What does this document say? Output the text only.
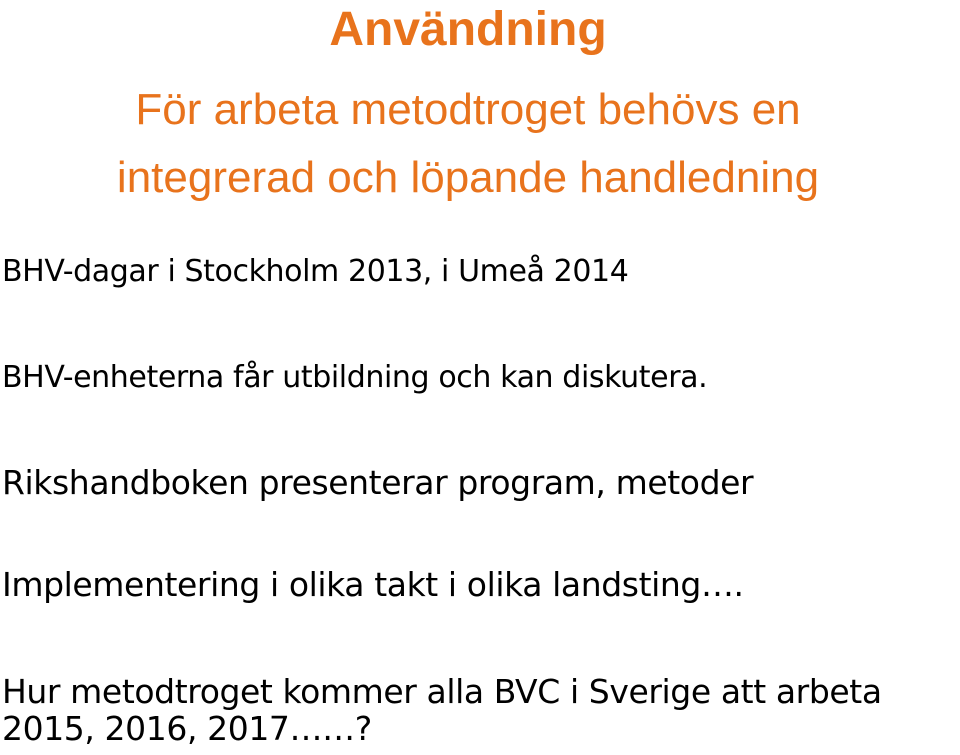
Användning
För arbeta metodtroget behövs en
integrerad och löpande handledning

BHV-dagar i Stockholm 2013, i Umeå 2014

BHV-enheterna får utbildning och kan diskutera.

Rikshandboken presenterar program, metoder

Implementering i olika takt i olika landsting….

Hur metodtroget kommer alla BVC i Sverige att arbeta

2015, 2016, 2017……?
